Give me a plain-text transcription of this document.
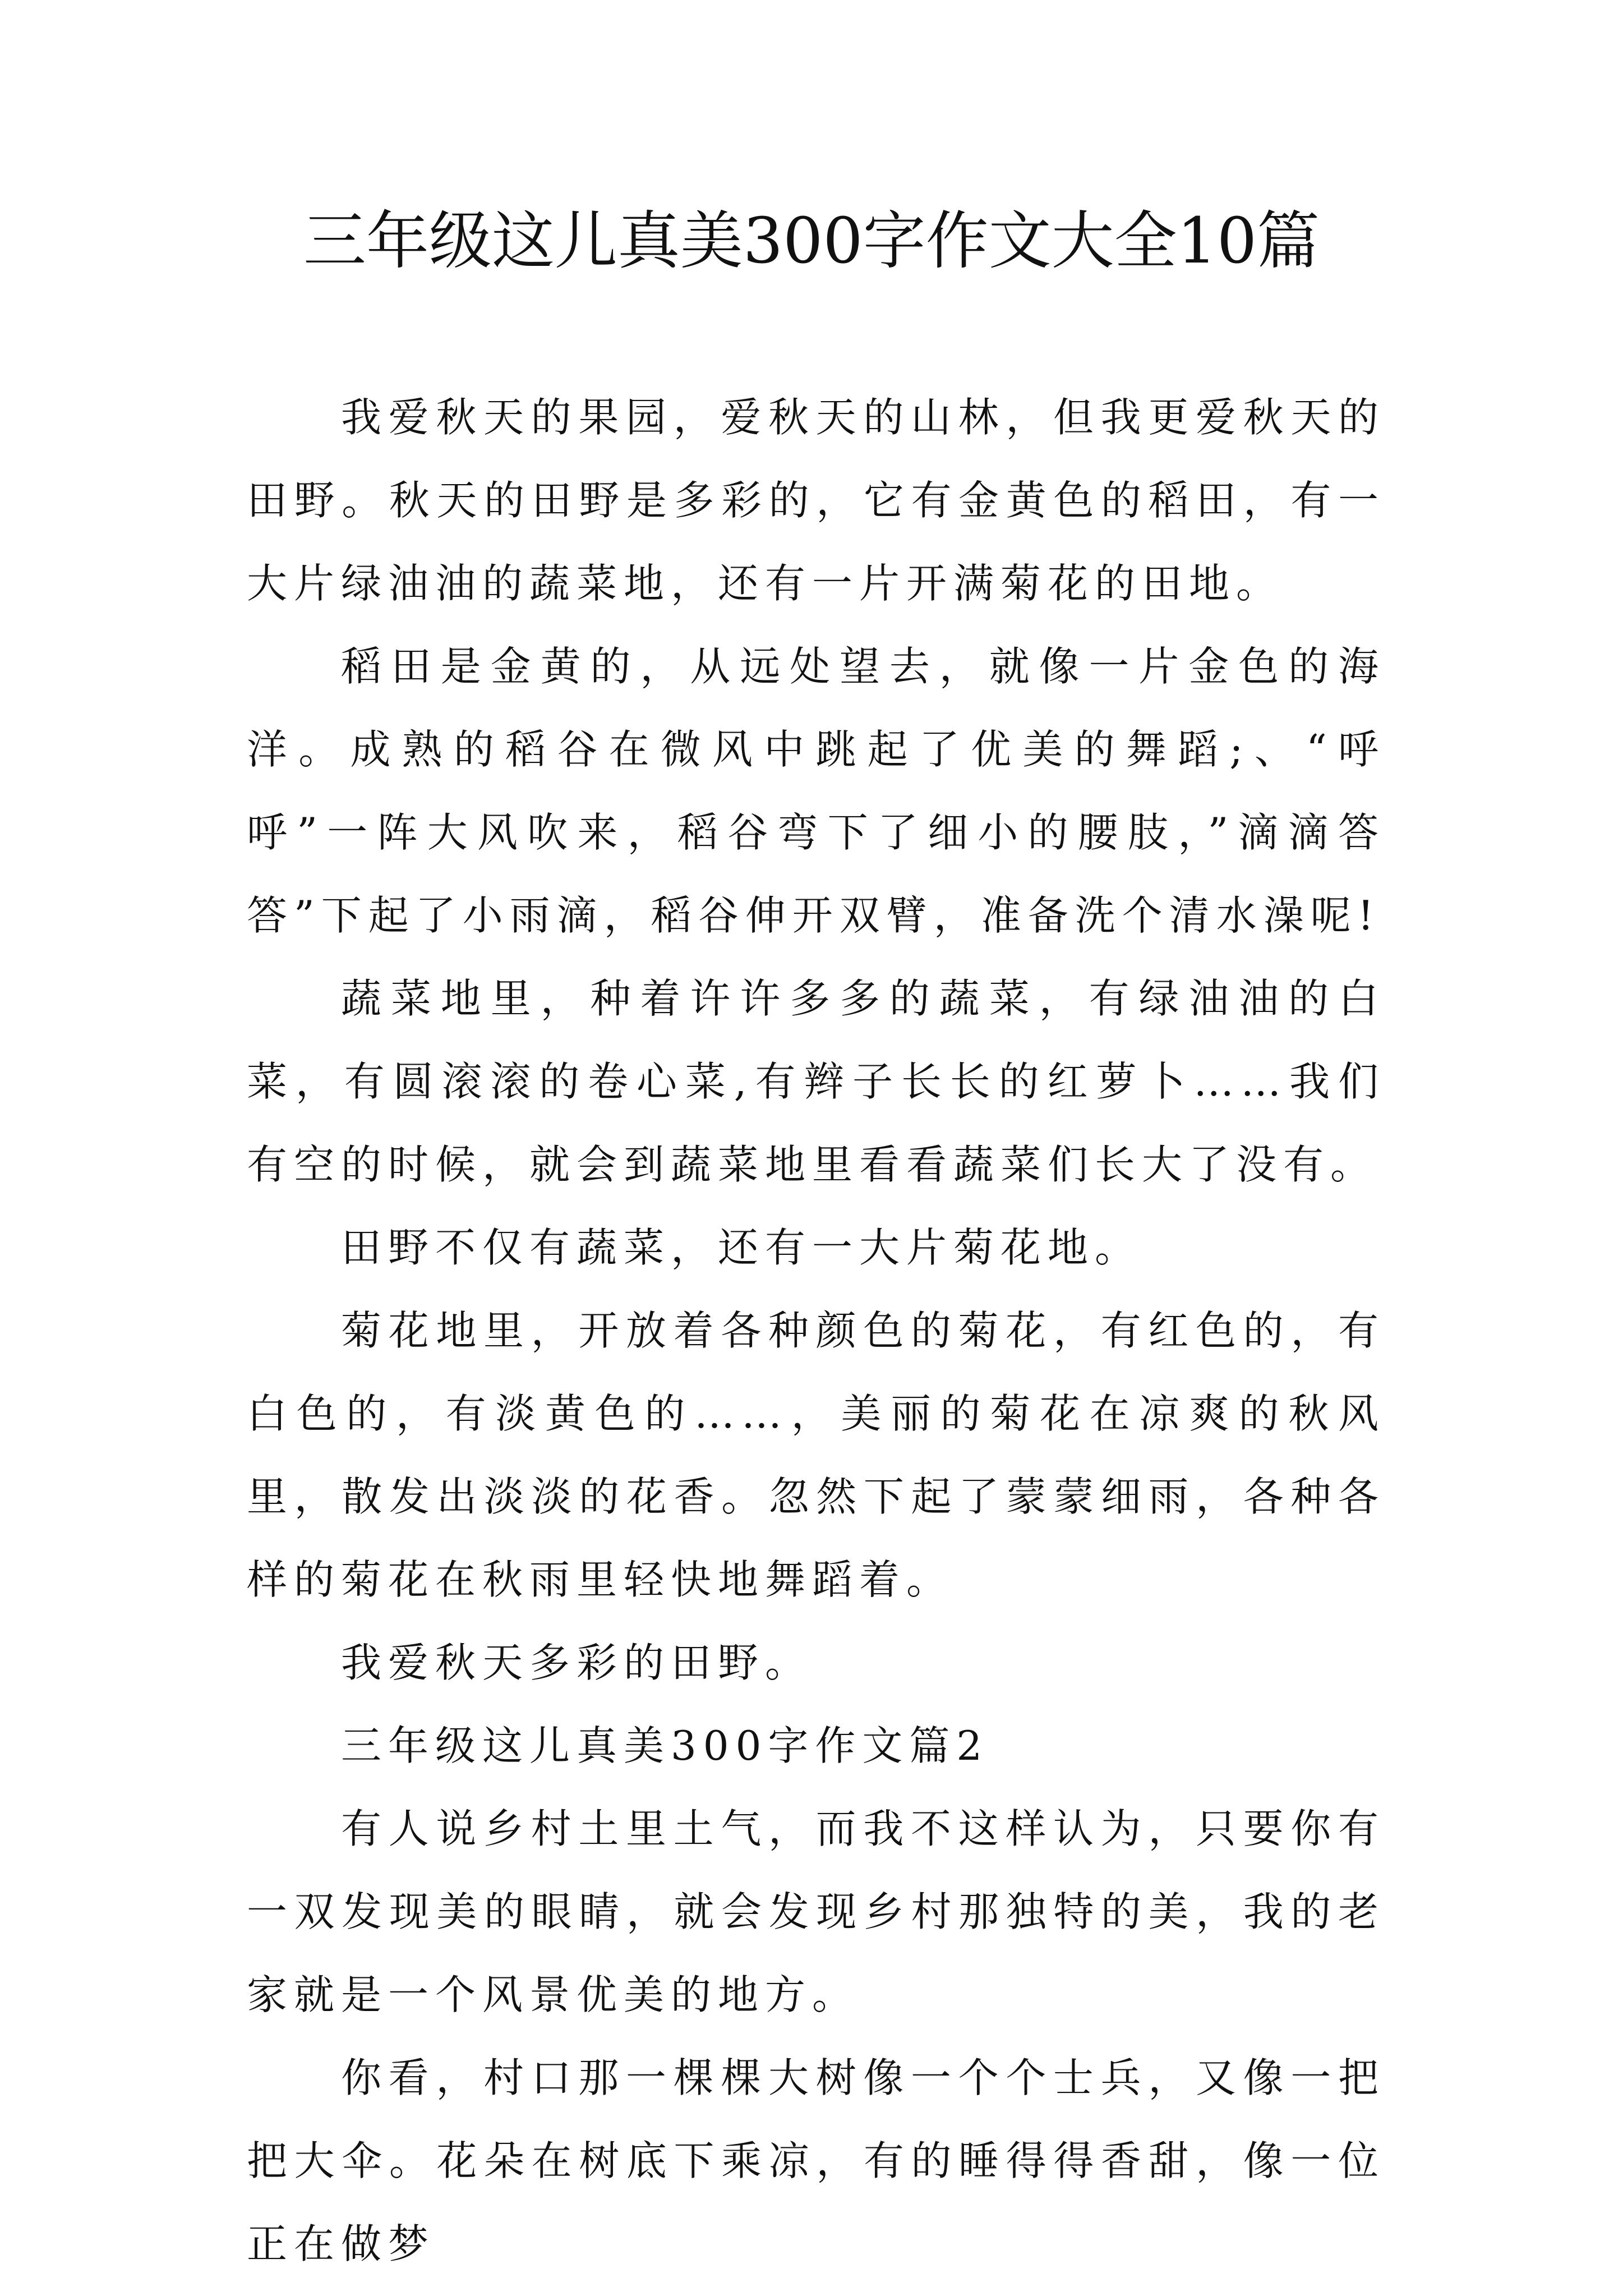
三年级这儿真美300字作文大全10篇

我爱秋天的果园，爱秋天的山林，但我更爱秋天的田野。秋天的田野是多彩的，它有金黄色的稻田，有一大片绿油油的蔬菜地，还有一片开满菊花的田地。

稻田是金黄的，从远处望去，就像一片金色的海洋。成熟的稻谷在微风中跳起了优美的舞蹈;、“呼呼”一阵大风吹来，稻谷弯下了细小的腰肢，”滴滴答答”下起了小雨滴，稻谷伸开双臂，准备洗个清水澡呢!

蔬菜地里，种着许许多多的蔬菜，有绿油油的白菜，有圆滚滚的卷心菜,有辫子长长的红萝卜……我们有空的时候，就会到蔬菜地里看看蔬菜们长大了没有。

田野不仅有蔬菜，还有一大片菊花地。

菊花地里，开放着各种颜色的菊花，有红色的，有白色的，有淡黄色的……，美丽的菊花在凉爽的秋风里，散发出淡淡的花香。忽然下起了蒙蒙细雨，各种各样的菊花在秋雨里轻快地舞蹈着。

我爱秋天多彩的田野。

三年级这儿真美300字作文篇2

有人说乡村土里土气，而我不这样认为，只要你有一双发现美的眼睛，就会发现乡村那独特的美，我的老家就是一个风景优美的地方。

你看，村口那一棵棵大树像一个个士兵，又像一把把大伞。花朵在树底下乘凉，有的睡得得香甜，像一位正在做梦
